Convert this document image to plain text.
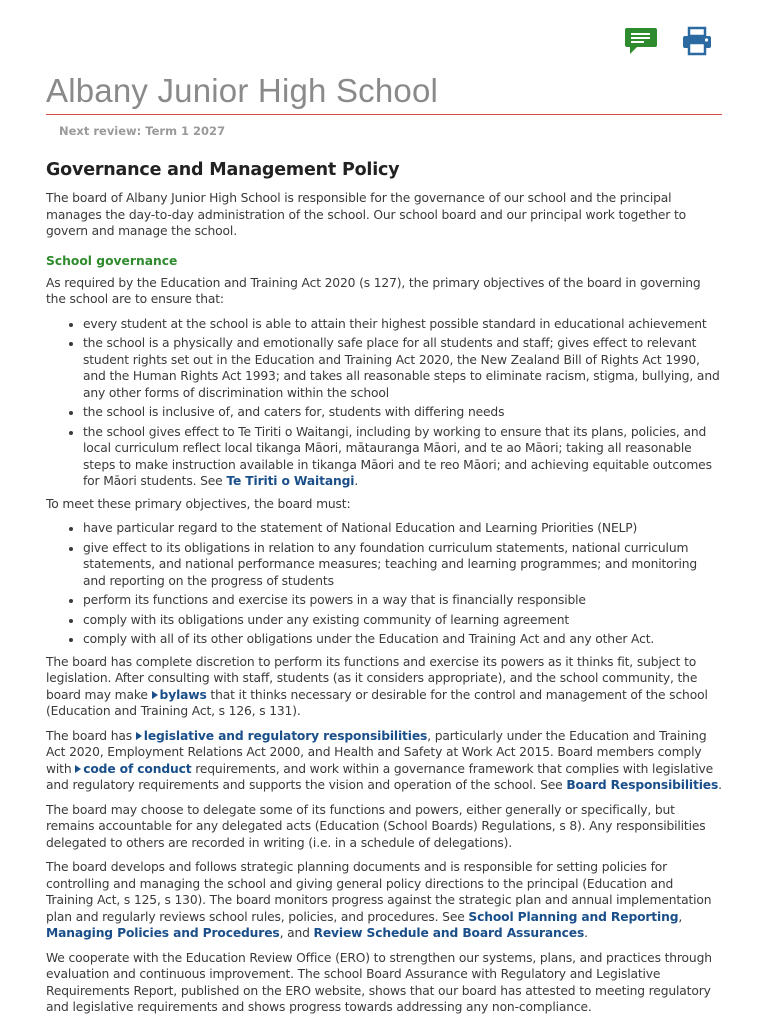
Albany Junior High School
Next review: Term 1 2027
Governance and Management Policy

The board of Albany Junior High School is responsible for the governance of our school and the principal manages the day-to-day administration of the school. Our school board and our principal work together to govern and manage the school.

School governance

As required by the Education and Training Act 2020 (s 127), the primary objectives of the board in governing the school are to ensure that:

• every student at the school is able to attain their highest possible standard in educational achievement
• the school is a physically and emotionally safe place for all students and staff; gives effect to relevant student rights set out in the Education and Training Act 2020, the New Zealand Bill of Rights Act 1990, and the Human Rights Act 1993; and takes all reasonable steps to eliminate racism, stigma, bullying, and any other forms of discrimination within the school
• the school is inclusive of, and caters for, students with differing needs
• the school gives effect to Te Tiriti o Waitangi, including by working to ensure that its plans, policies, and local curriculum reflect local tikanga Māori, mātauranga Māori, and te ao Māori; taking all reasonable steps to make instruction available in tikanga Māori and te reo Māori; and achieving equitable outcomes for Māori students. See Te Tiriti o Waitangi.

To meet these primary objectives, the board must:

• have particular regard to the statement of National Education and Learning Priorities (NELP)
• give effect to its obligations in relation to any foundation curriculum statements, national curriculum statements, and national performance measures; teaching and learning programmes; and monitoring and reporting on the progress of students
• perform its functions and exercise its powers in a way that is financially responsible
• comply with its obligations under any existing community of learning agreement
• comply with all of its other obligations under the Education and Training Act and any other Act.

The board has complete discretion to perform its functions and exercise its powers as it thinks fit, subject to legislation. After consulting with staff, students (as it considers appropriate), and the school community, the board may make bylaws that it thinks necessary or desirable for the control and management of the school (Education and Training Act, s 126, s 131).

The board has legislative and regulatory responsibilities, particularly under the Education and Training Act 2020, Employment Relations Act 2000, and Health and Safety at Work Act 2015. Board members comply with code of conduct requirements, and work within a governance framework that complies with legislative and regulatory requirements and supports the vision and operation of the school. See Board Responsibilities.

The board may choose to delegate some of its functions and powers, either generally or specifically, but remains accountable for any delegated acts (Education (School Boards) Regulations, s 8). Any responsibilities delegated to others are recorded in writing (i.e. in a schedule of delegations).

The board develops and follows strategic planning documents and is responsible for setting policies for controlling and managing the school and giving general policy directions to the principal (Education and Training Act, s 125, s 130). The board monitors progress against the strategic plan and annual implementation plan and regularly reviews school rules, policies, and procedures. See School Planning and Reporting, Managing Policies and Procedures, and Review Schedule and Board Assurances.

We cooperate with the Education Review Office (ERO) to strengthen our systems, plans, and practices through evaluation and continuous improvement. The school Board Assurance with Regulatory and Legislative Requirements Report, published on the ERO website, shows that our board has attested to meeting regulatory and legislative requirements and shows progress towards addressing any non-compliance.
